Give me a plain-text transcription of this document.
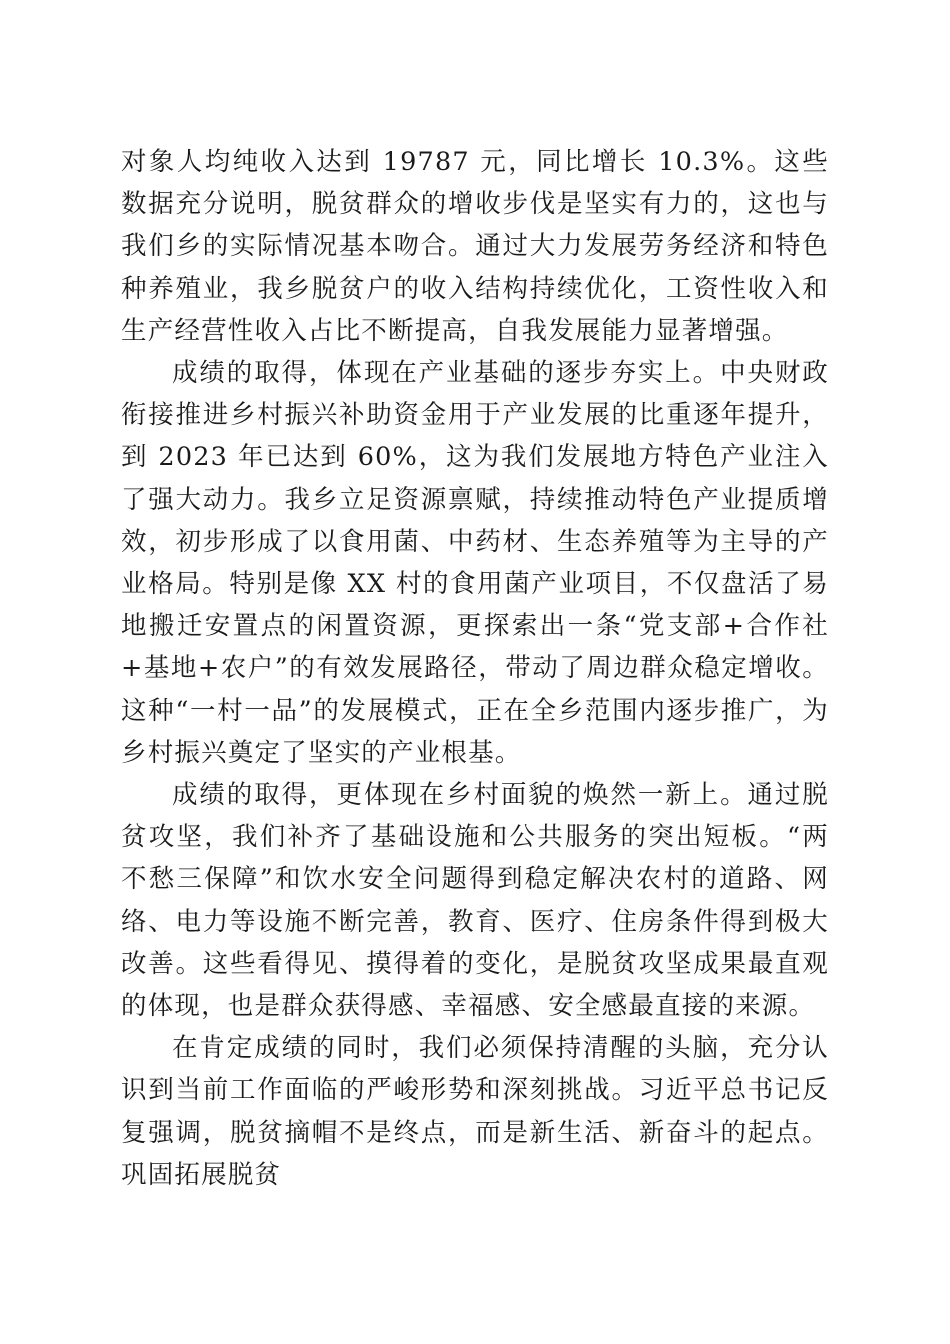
对象人均纯收入达到 19787 元，同比增长 10.3%。这些数据充分说明，脱贫群众的增收步伐是坚实有力的，这也与我们乡的实际情况基本吻合。通过大力发展劳务经济和特色种养殖业，我乡脱贫户的收入结构持续优化，工资性收入和生产经营性收入占比不断提高，自我发展能力显著增强。

成绩的取得，体现在产业基础的逐步夯实上。中央财政衔接推进乡村振兴补助资金用于产业发展的比重逐年提升，到 2023 年已达到 60%，这为我们发展地方特色产业注入了强大动力。我乡立足资源禀赋，持续推动特色产业提质增效，初步形成了以食用菌、中药材、生态养殖等为主导的产业格局。特别是像 XX 村的食用菌产业项目，不仅盘活了易地搬迁安置点的闲置资源，更探索出一条“党支部+合作社+基地+农户”的有效发展路径，带动了周边群众稳定增收。这种“一村一品”的发展模式，正在全乡范围内逐步推广，为乡村振兴奠定了坚实的产业根基。

成绩的取得，更体现在乡村面貌的焕然一新上。通过脱贫攻坚，我们补齐了基础设施和公共服务的突出短板。“两不愁三保障”和饮水安全问题得到稳定解决农村的道路、网络、电力等设施不断完善，教育、医疗、住房条件得到极大改善。这些看得见、摸得着的变化，是脱贫攻坚成果最直观的体现，也是群众获得感、幸福感、安全感最直接的来源。

在肯定成绩的同时，我们必须保持清醒的头脑，充分认识到当前工作面临的严峻形势和深刻挑战。习近平总书记反复强调，脱贫摘帽不是终点，而是新生活、新奋斗的起点。巩固拓展脱贫
